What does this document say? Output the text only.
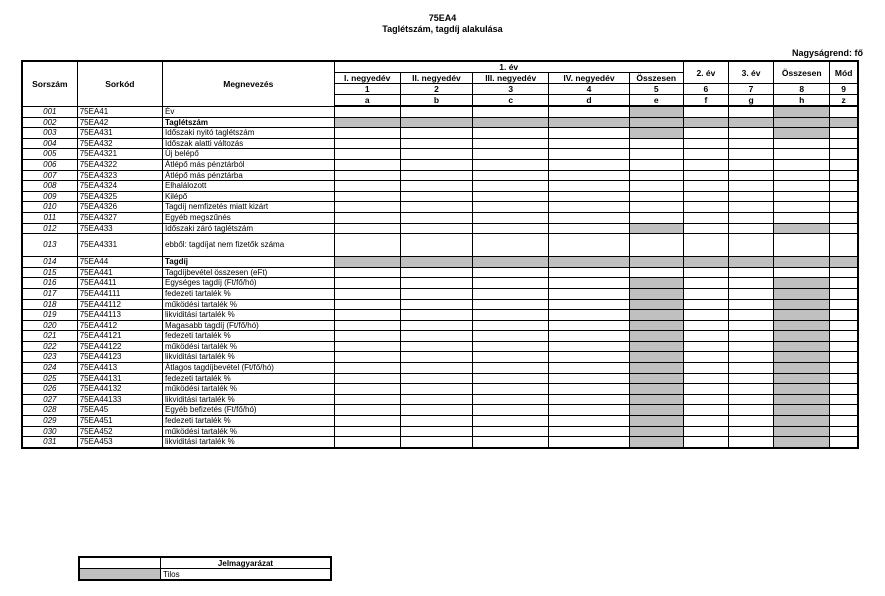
75EA4
Taglétszám, tagdíj alakulása
Nagyságrend: fő
Sorszám	Sorkód	Megnevezés	1. év					2. év	3. év	Összesen	Mód
			I. negyedév	II. negyedév	III. negyedév	IV. negyedév	Összesen				
			1	2	3	4	5	6	7	8	9
			a	b	c	d	e	f	g	h	z
001	75EA41	Év									
002	75EA42	Taglétszám									
003	75EA431	Időszaki nyitó taglétszám									
004	75EA432	Időszak alatti változás									
005	75EA4321	Új belépő									
006	75EA4322	Átlépő más pénztárból									
007	75EA4323	Átlépő más pénztárba									
008	75EA4324	Elhalálozott									
009	75EA4325	Kilépő									
010	75EA4326	Tagdíj nemfizetés miatt kizárt									
011	75EA4327	Egyéb megszűnés									
012	75EA433	Időszaki záró taglétszám									
013	75EA4331	ebből: tagdíjat nem fizetők száma									
014	75EA44	Tagdíj									
015	75EA441	Tagdíjbevétel összesen (eFt)									
016	75EA4411	Egységes tagdíj (Ft/fő/hó)									
017	75EA44111	fedezeti tartalék %									
018	75EA44112	működési tartalék %									
019	75EA44113	likviditási tartalék %									
020	75EA4412	Magasabb tagdíj (Ft/fő/hó)									
021	75EA44121	fedezeti tartalék %									
022	75EA44122	működési tartalék %									
023	75EA44123	likviditási tartalék %									
024	75EA4413	Átlagos tagdíjbevétel (Ft/fő/hó)									
025	75EA44131	fedezeti tartalék %									
026	75EA44132	működési tartalék %									
027	75EA44133	likviditási tartalék %									
028	75EA45	Egyéb befizetés (Ft/fő/hó)									
029	75EA451	fedezeti tartalék %									
030	75EA452	működési tartalék %									
031	75EA453	likviditási tartalék %									
	Jelmagyarázat
	Tilos
